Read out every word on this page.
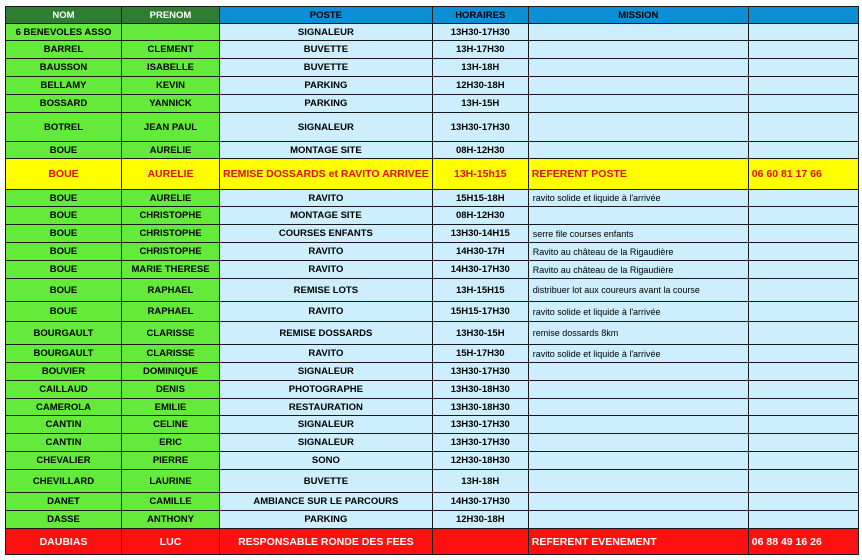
NOM	PRENOM	POSTE	HORAIRES	MISSION	
6 BENEVOLES ASSO		SIGNALEUR	13H30-17H30		
BARREL	CLEMENT	BUVETTE	13H-17H30		
BAUSSON	ISABELLE	BUVETTE	13H-18H		
BELLAMY	KEVIN	PARKING	12H30-18H		
BOSSARD	YANNICK	PARKING	13H-15H		
BOTREL	JEAN PAUL	SIGNALEUR	13H30-17H30		
BOUE	AURELIE	MONTAGE SITE	08H-12H30		
BOUE	AURELIE	REMISE DOSSARDS et RAVITO ARRIVEE	13H-15h15	REFERENT POSTE	06 60 81 17 66
BOUE	AURELIE	RAVITO	15H15-18H	ravito solide et liquide à l'arrivée	
BOUE	CHRISTOPHE	MONTAGE SITE	08H-12H30		
BOUE	CHRISTOPHE	COURSES ENFANTS	13H30-14H15	serre file courses enfants	
BOUE	CHRISTOPHE	RAVITO	14H30-17H	Ravito au château de la Rigaudière	
BOUE	MARIE THERESE	RAVITO	14H30-17H30	Ravito au château de la Rigaudière	
BOUE	RAPHAEL	REMISE LOTS	13H-15H15	distribuer lot aux coureurs avant la course	
BOUE	RAPHAEL	RAVITO	15H15-17H30	ravito solide et liquide à l'arrivée	
BOURGAULT	CLARISSE	REMISE DOSSARDS	13H30-15H	remise dossards 8km	
BOURGAULT	CLARISSE	RAVITO	15H-17H30	ravito solide et liquide à l'arrivée	
BOUVIER	DOMINIQUE	SIGNALEUR	13H30-17H30		
CAILLAUD	DENIS	PHOTOGRAPHE	13H30-18H30		
CAMEROLA	EMILIE	RESTAURATION	13H30-18H30		
CANTIN	CELINE	SIGNALEUR	13H30-17H30		
CANTIN	ERIC	SIGNALEUR	13H30-17H30		
CHEVALIER	PIERRE	SONO	12H30-18H30		
CHEVILLARD	LAURINE	BUVETTE	13H-18H		
DANET	CAMILLE	AMBIANCE SUR LE PARCOURS	14H30-17H30		
DASSE	ANTHONY	PARKING	12H30-18H		
DAUBIAS	LUC	RESPONSABLE RONDE DES FEES		REFERENT EVENEMENT	06 88 49 16 26
